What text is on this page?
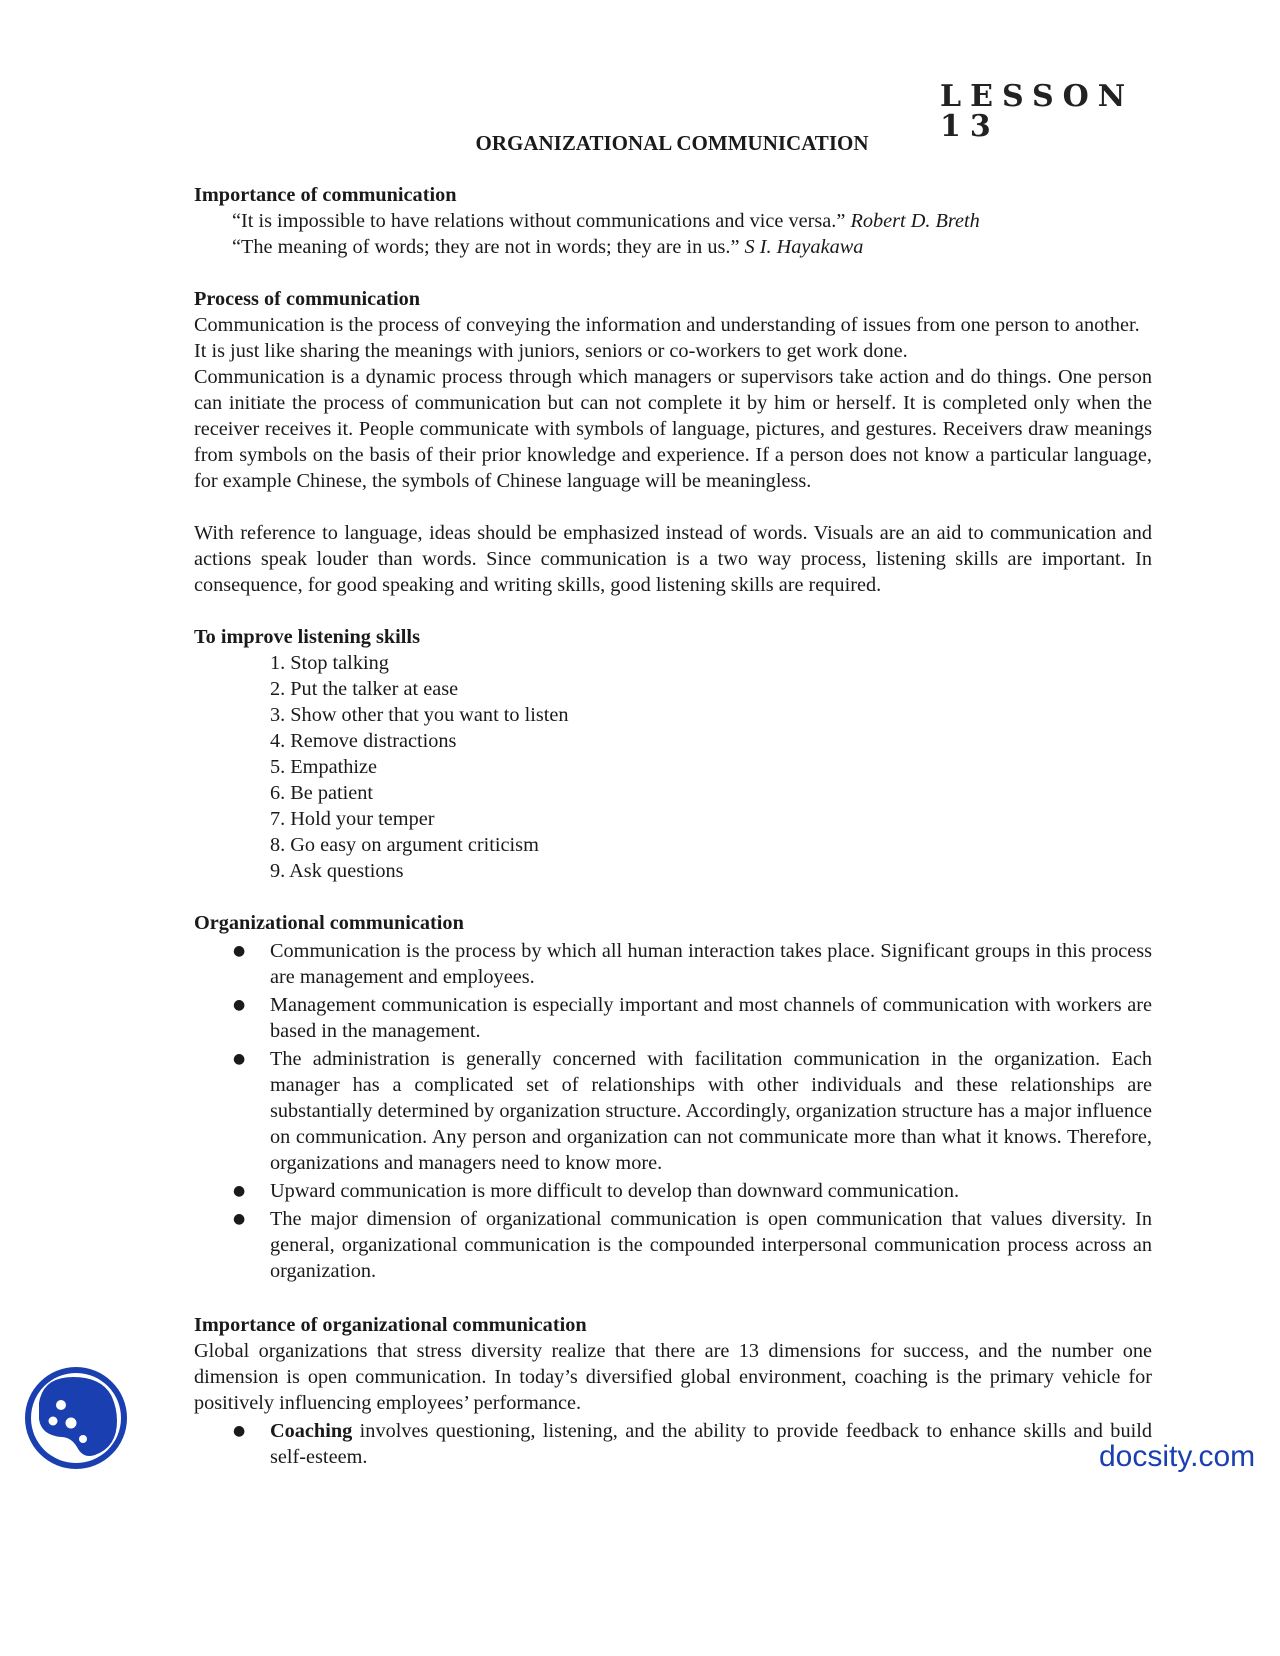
LESSON 13
ORGANIZATIONAL COMMUNICATION

Importance of communication

“It is impossible to have relations without communications and vice versa.” Robert D. Breth

“The meaning of words; they are not in words; they are in us.” S I. Hayakawa

Process of communication

Communication is the process of conveying the information and understanding of issues from one person to another. It is just like sharing the meanings with juniors, seniors or co-workers to get work done.

Communication is a dynamic process through which managers or supervisors take action and do things. One person can initiate the process of communication but can not complete it by him or herself. It is completed only when the receiver receives it. People communicate with symbols of language, pictures, and gestures. Receivers draw meanings from symbols on the basis of their prior knowledge and experience. If a person does not know a particular language, for example Chinese, the symbols of Chinese language will be meaningless.

With reference to language, ideas should be emphasized instead of words. Visuals are an aid to communication and actions speak louder than words. Since communication is a two way process, listening skills are important. In consequence, for good speaking and writing skills, good listening skills are required.

To improve listening skills

1. Stop talking
2. Put the talker at ease
3. Show other that you want to listen
4. Remove distractions
5. Empathize
6. Be patient
7. Hold your temper
8. Go easy on argument criticism
9. Ask questions

Organizational communication

● Communication is the process by which all human interaction takes place. Significant groups in this process are management and employees.
● Management communication is especially important and most channels of communication with workers are based in the management.
● The administration is generally concerned with facilitation communication in the organization. Each manager has a complicated set of relationships with other individuals and these relationships are substantially determined by organization structure. Accordingly, organization structure has a major influence on communication. Any person and organization can not communicate more than what it knows. Therefore, organizations and managers need to know more.
● Upward communication is more difficult to develop than downward communication.
● The major dimension of organizational communication is open communication that values diversity. In general, organizational communication is the compounded interpersonal communication process across an organization.

Importance of organizational communication

Global organizations that stress diversity realize that there are 13 dimensions for success, and the number one dimension is open communication. In today’s diversified global environment, coaching is the primary vehicle for positively influencing employees’ performance.

● Coaching involves questioning, listening, and the ability to provide feedback to enhance skills and build self-esteem.	docsity.com
